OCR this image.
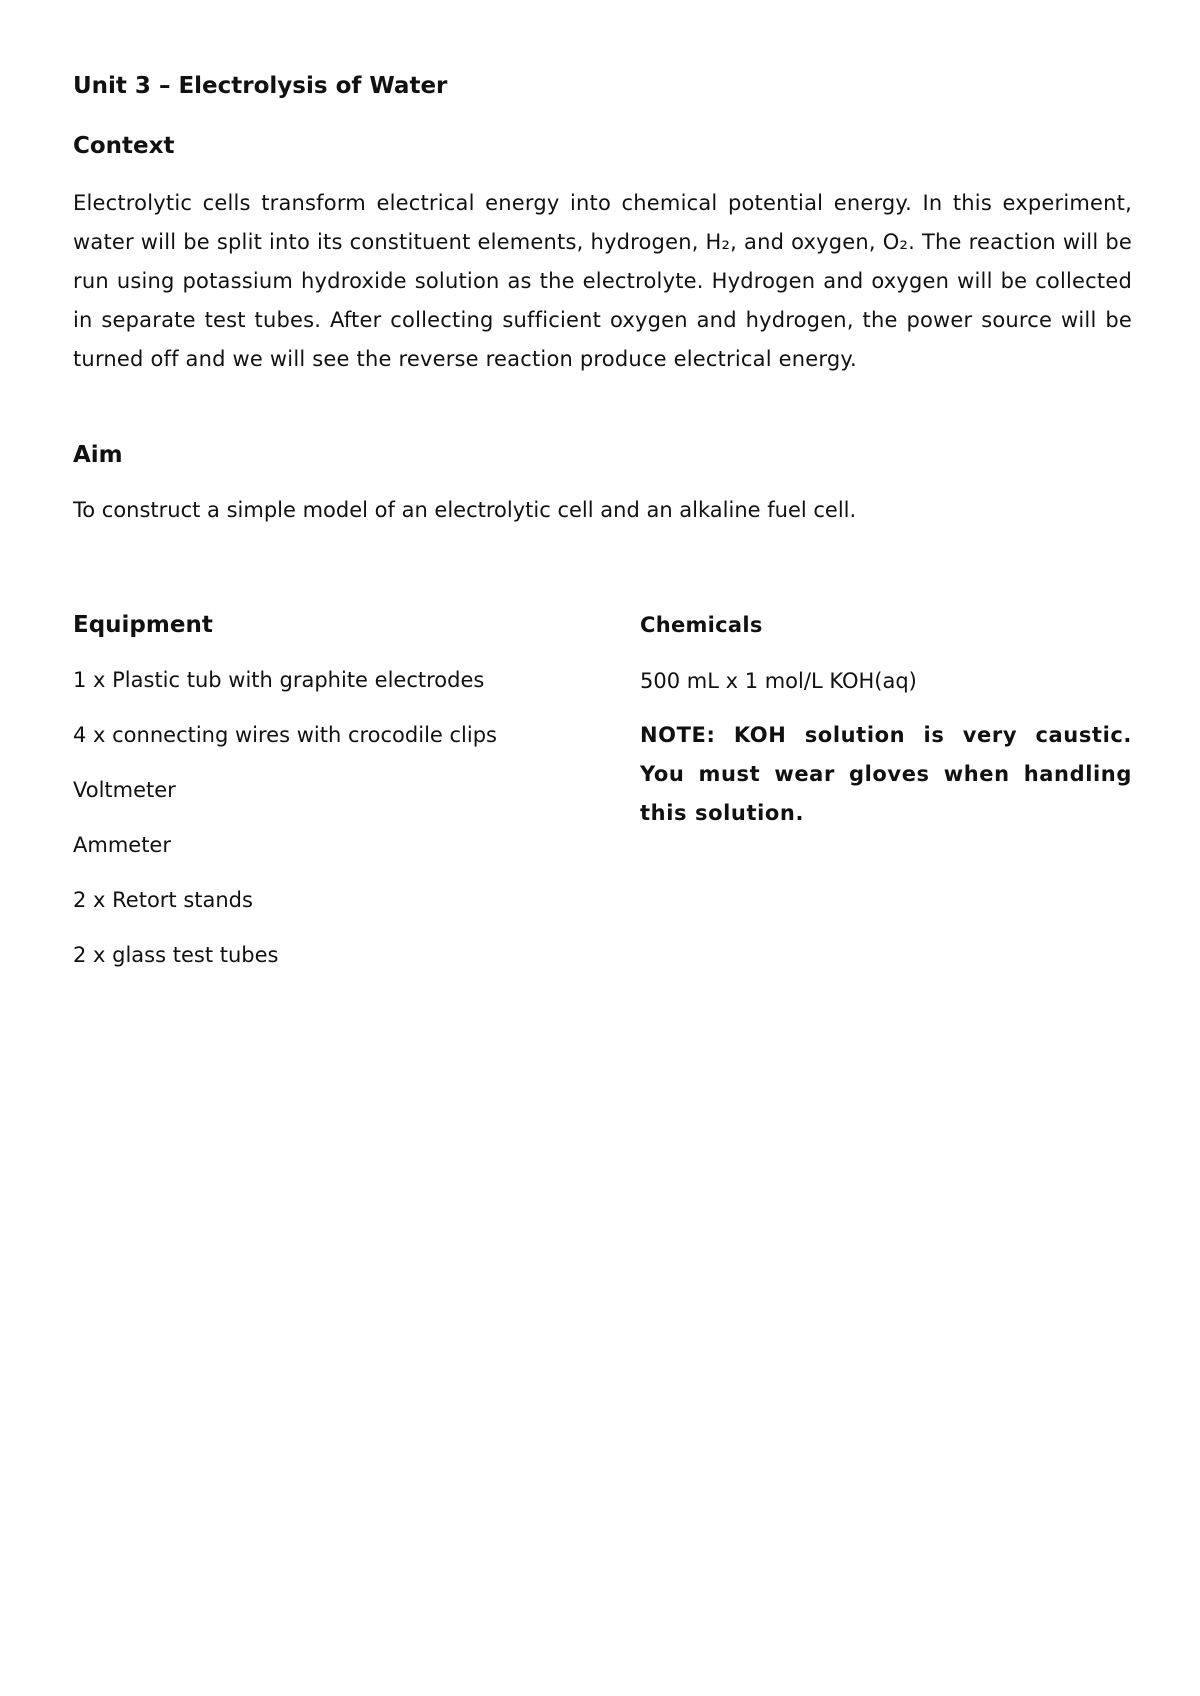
Unit 3 – Electrolysis of Water
Context

Electrolytic cells transform electrical energy into chemical potential energy. In this experiment, water will be split into its constituent elements, hydrogen, H₂, and oxygen, O₂. The reaction will be run using potassium hydroxide solution as the electrolyte. Hydrogen and oxygen will be collected in separate test tubes. After collecting sufficient oxygen and hydrogen, the power source will be turned off and we will see the reverse reaction produce electrical energy.

Aim

To construct a simple model of an electrolytic cell and an alkaline fuel cell.

Equipment
1 x Plastic tub with graphite electrodes
4 x connecting wires with crocodile clips
Voltmeter
Ammeter
2 x Retort stands
2 x glass test tubes
Chemicals

500 mL x 1 mol/L KOH(aq)

NOTE: KOH solution is very caustic. You must wear gloves when handling this solution.
